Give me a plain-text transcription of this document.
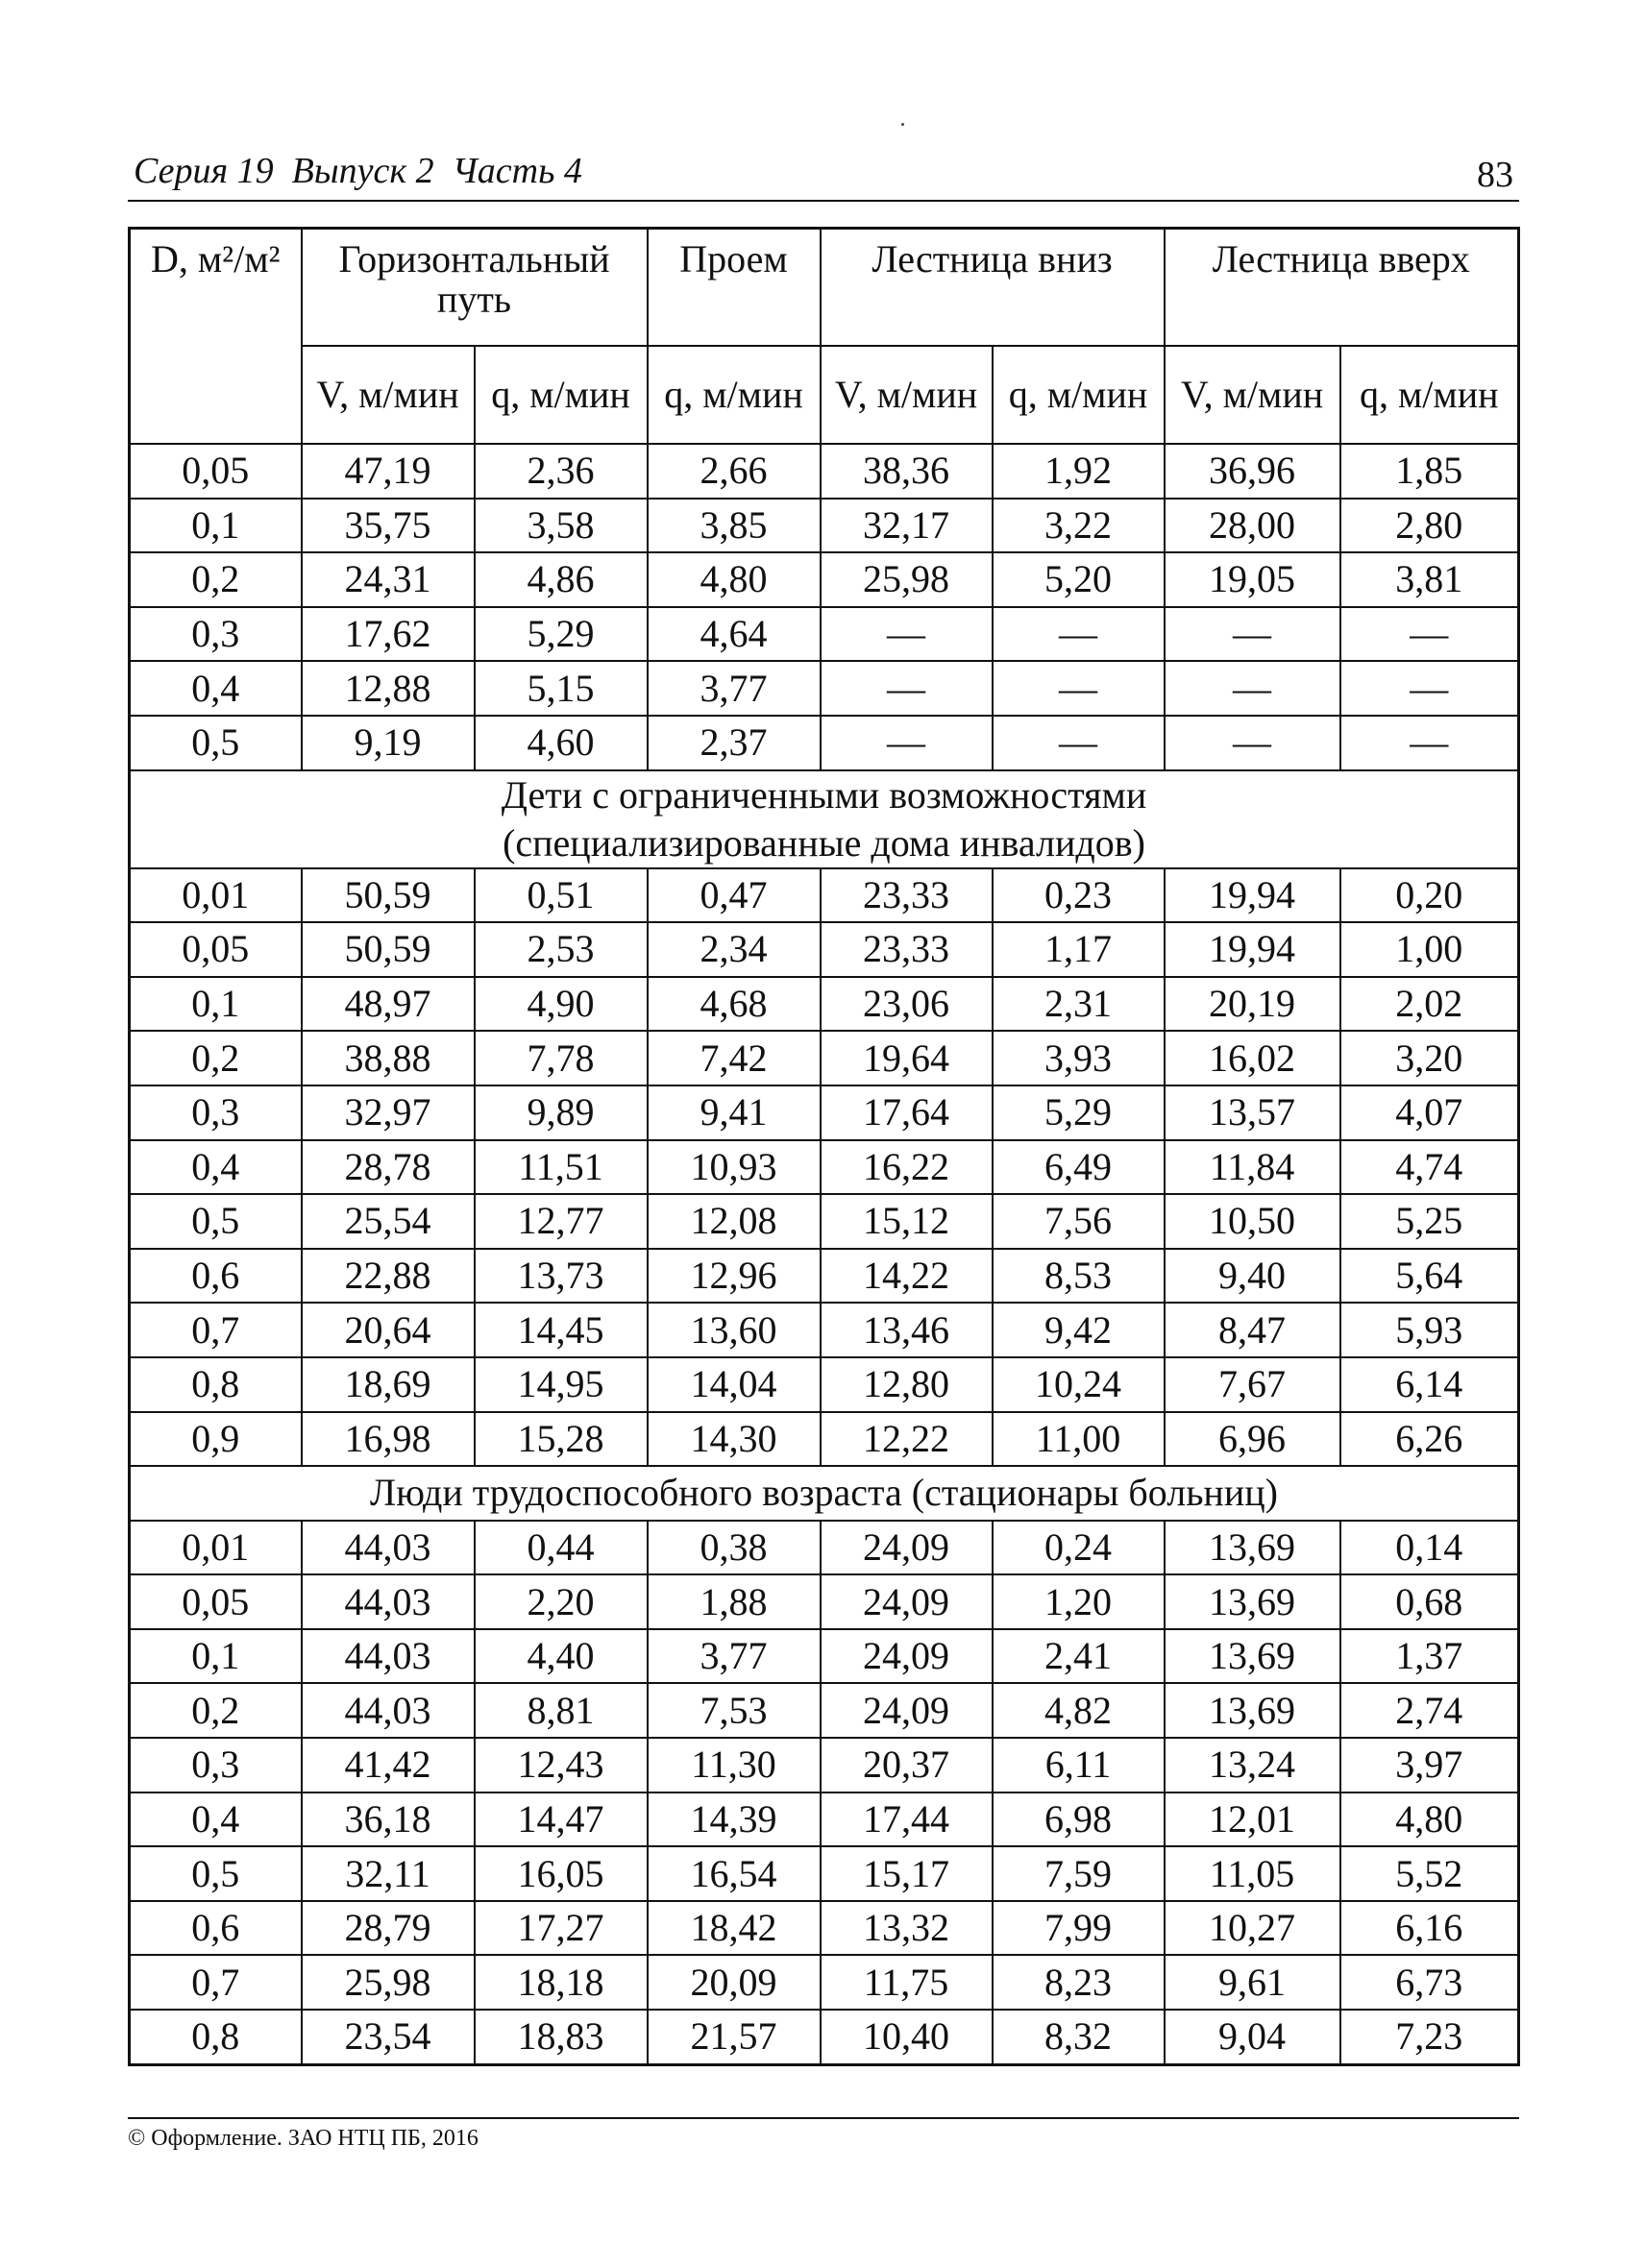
Серия 19  Выпуск 2  Часть 4	83
D, м²/м²	Горизонтальный путь		Проем	Лестница вниз		Лестница вверх	
	V, м/мин	q, м/мин	q, м/мин	V, м/мин	q, м/мин	V, м/мин	q, м/мин
0,05	47,19	2,36	2,66	38,36	1,92	36,96	1,85
0,1	35,75	3,58	3,85	32,17	3,22	28,00	2,80
0,2	24,31	4,86	4,80	25,98	5,20	19,05	3,81
0,3	17,62	5,29	4,64	—	—	—	—
0,4	12,88	5,15	3,77	—	—	—	—
0,5	9,19	4,60	2,37	—	—	—	—

Дети с ограниченными возможностями
(специализированные дома инвалидов)							

0,01	50,59	0,51	0,47	23,33	0,23	19,94	0,20
0,05	50,59	2,53	2,34	23,33	1,17	19,94	1,00
0,1	48,97	4,90	4,68	23,06	2,31	20,19	2,02
0,2	38,88	7,78	7,42	19,64	3,93	16,02	3,20
0,3	32,97	9,89	9,41	17,64	5,29	13,57	4,07
0,4	28,78	11,51	10,93	16,22	6,49	11,84	4,74
0,5	25,54	12,77	12,08	15,12	7,56	10,50	5,25
0,6	22,88	13,73	12,96	14,22	8,53	9,40	5,64
0,7	20,64	14,45	13,60	13,46	9,42	8,47	5,93
0,8	18,69	14,95	14,04	12,80	10,24	7,67	6,14
0,9	16,98	15,28	14,30	12,22	11,00	6,96	6,26

Люди трудоспособного возраста (стационары больниц)							

0,01	44,03	0,44	0,38	24,09	0,24	13,69	0,14
0,05	44,03	2,20	1,88	24,09	1,20	13,69	0,68
0,1	44,03	4,40	3,77	24,09	2,41	13,69	1,37
0,2	44,03	8,81	7,53	24,09	4,82	13,69	2,74
0,3	41,42	12,43	11,30	20,37	6,11	13,24	3,97
0,4	36,18	14,47	14,39	17,44	6,98	12,01	4,80
0,5	32,11	16,05	16,54	15,17	7,59	11,05	5,52
0,6	28,79	17,27	18,42	13,32	7,99	10,27	6,16
0,7	25,98	18,18	20,09	11,75	8,23	9,61	6,73
0,8	23,54	18,83	21,57	10,40	8,32	9,04	7,23
© Оформление. ЗАО НТЦ ПБ, 2016
